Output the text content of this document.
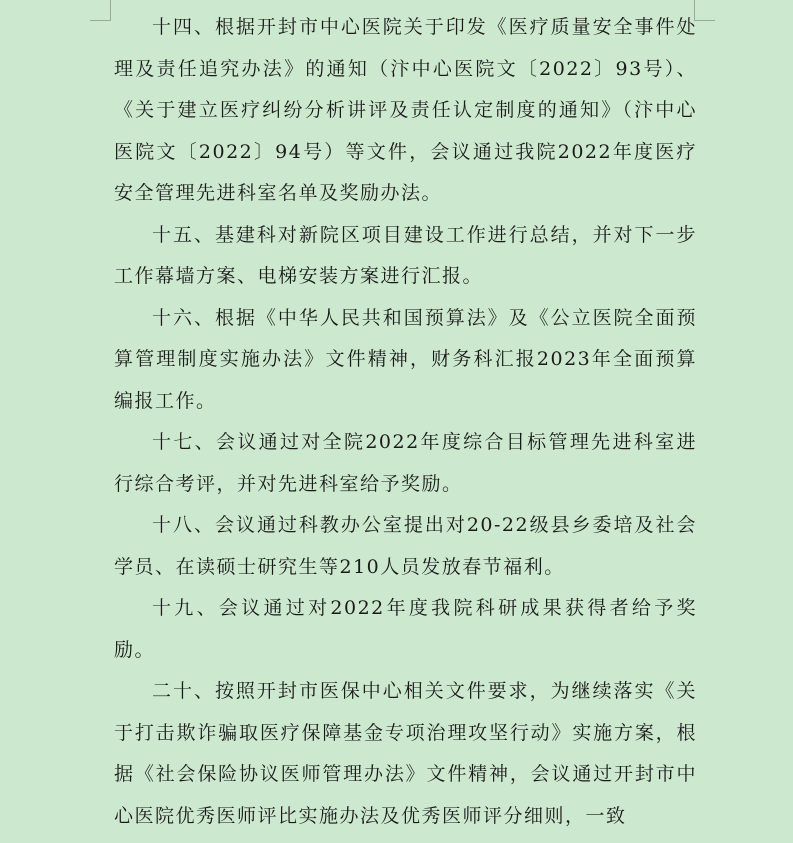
十四、根据开封市中心医院关于印发《医疗质量安全事件处理及责任追究办法》的通知（汴中心医院文〔2022〕93号）、《关于建立医疗纠纷分析讲评及责任认定制度的通知》（汴中心医院文〔2022〕94号）等文件，会议通过我院2022年度医疗安全管理先进科室名单及奖励办法。

十五、基建科对新院区项目建设工作进行总结，并对下一步工作幕墙方案、电梯安装方案进行汇报。

十六、根据《中华人民共和国预算法》及《公立医院全面预算管理制度实施办法》文件精神，财务科汇报2023年全面预算编报工作。

十七、会议通过对全院2022年度综合目标管理先进科室进行综合考评，并对先进科室给予奖励。

十八、会议通过科教办公室提出对20-22级县乡委培及社会学员、在读硕士研究生等210人员发放春节福利。

十九、会议通过对2022年度我院科研成果获得者给予奖励。

二十、按照开封市医保中心相关文件要求，为继续落实《关于打击欺诈骗取医疗保障基金专项治理攻坚行动》实施方案，根据《社会保险协议医师管理办法》文件精神，会议通过开封市中心医院优秀医师评比实施办法及优秀医师评分细则，一致
